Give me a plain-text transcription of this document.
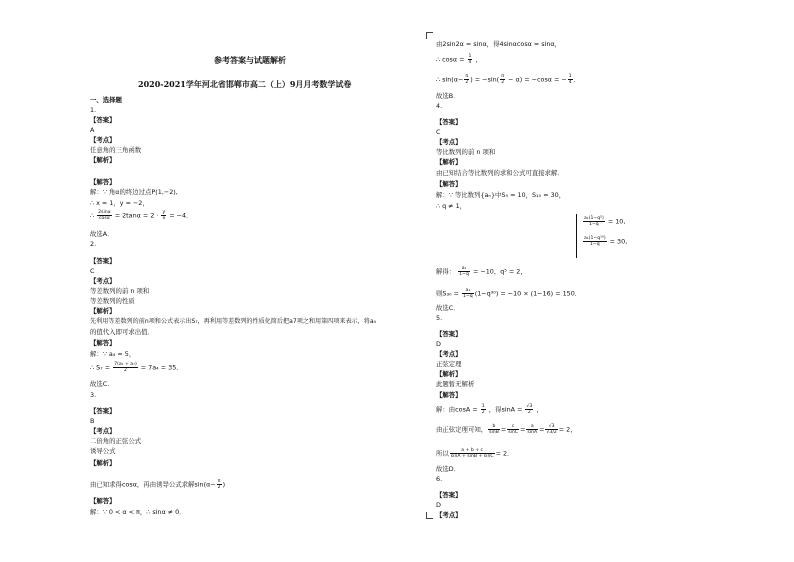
参考答案与试题解析
2020-2021学年河北省邯郸市高二（上）9月月考数学试卷
一、选择题
1.
【答案】
A
【考点】
任意角的三角函数
【解析】
【解答】
解：∵ 角α的终边过点P(1,−2),
∴ x = 1，y = −2，
∴ $\frac{2\sin\alpha}{\cos\alpha} = 2\tan\alpha = 2 \cdot \frac{y}{x} = -4$．
故选A．
2.
【答案】
C
【考点】
等差数列的前 n 项和
等差数列的性质
【解析】
先利用等差数列的前n项和公式表示出S₇，再利用等差数列的性质化简后把a7项之和用第四项来表示，将a₄
的值代入即可求出值．
【解答】
解：∵ a₄ = 5，
∴ $S_7 = \frac{\text{7(a₁ + a₇)}}{2} = 7a_4 = 35$．
故选C.
3.
【答案】
B
【考点】
二倍角的正弦公式
诱导公式
【解析】
由已知求得cosα，再由诱导公式求解$\sin(\alpha- \frac{\pi}{2}$ )
【解答】
解：∵ 0 < α < π，∴ sinα ≠ 0．
由2sin2α = sinα，得4sinαcosα = sinα，
∴ $\cos\alpha = \frac{1}{4}$ ，
∴ $\sin(\alpha- \frac{\pi}{2}$ ) = $-\sin( \frac{\pi}{2} - \alpha) = -\cos\alpha$ = − $\frac{1}{4}$ ．
故选B．
4.
【答案】
C
【考点】
等比数列的前 n 项和
【解析】
由已知结合等比数列的求和公式可直接求解．
【解答】
解：∵ 等比数列{aₙ}中S₅ = 10，S₁₀ = 30，
∴ q ≠ 1，
$\frac{\text{a₁(1−q⁵)}}{1-q} = 10$,
$\frac{\text{a₁(1−q¹⁰)}}{1-q} = 30$,
解得： $\frac{\text{a₁}}{1-q} = -10$，q⁵ = 2，
则$S_{30} = \frac{\text{a₁}}{1-q} (1-q^{30}) = -10 \times (1-16) = 150$．
故选C．
5.
【答案】
D
【考点】
正弦定理
【解析】
此题暂无解析
【解答】
解：由$\cos A = \frac{1}{2}$ ，得$\sin A = \frac{√3}{2}$ ，
由正弦定理可知， $\frac{b}{\sin B} = \frac{c}{\sin C} = \frac{a}{\sin A} = \frac{√3}{√3/2} = 2$，
所以 $\frac{a + b + c}{\sin A + \sin B + \sin C} = 2$．
故选D．
6.
【答案】
D
【考点】
